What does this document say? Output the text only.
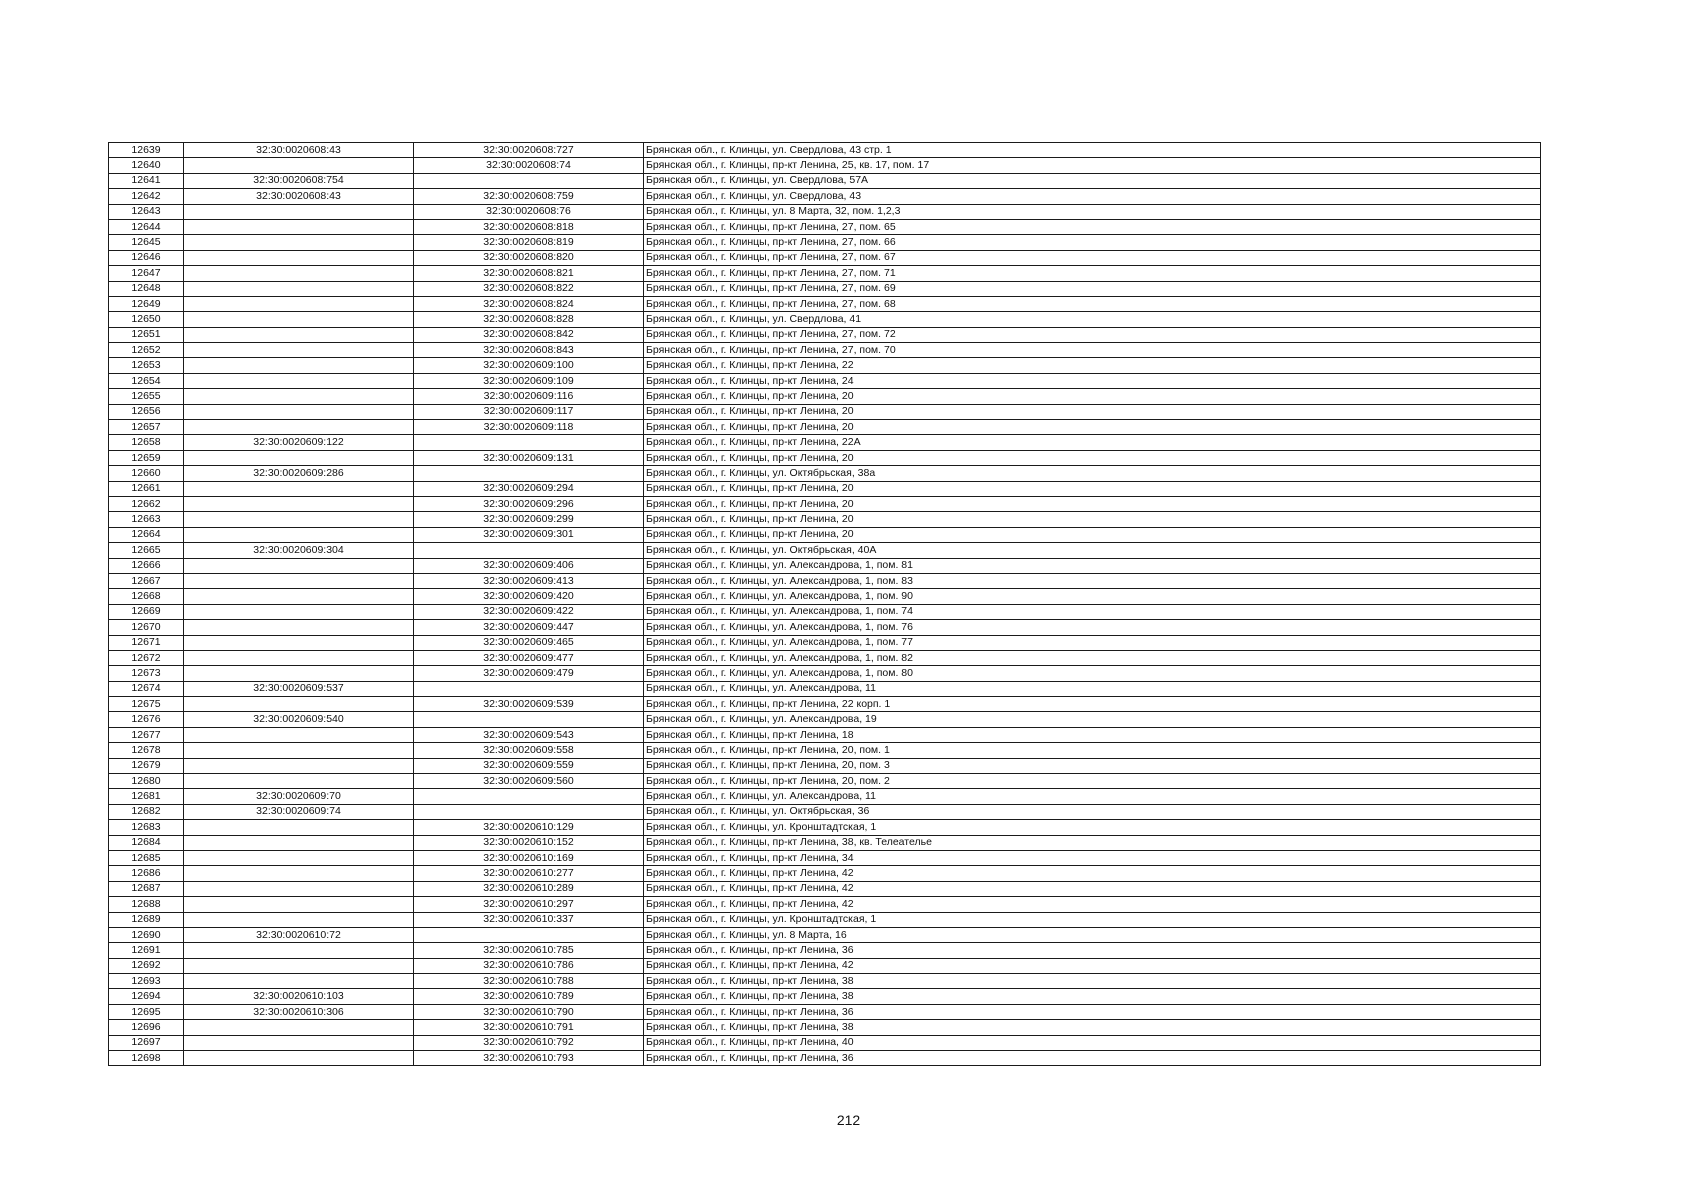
12639	32:30:0020608:43	32:30:0020608:727	Брянская обл., г. Клинцы, ул. Свердлова, 43 стр. 1
12640		32:30:0020608:74	Брянская обл., г. Клинцы, пр-кт Ленина, 25, кв. 17, пом. 17
12641	32:30:0020608:754		Брянская обл., г. Клинцы, ул. Свердлова, 57А
12642	32:30:0020608:43	32:30:0020608:759	Брянская обл., г. Клинцы, ул. Свердлова, 43
12643		32:30:0020608:76	Брянская обл., г. Клинцы, ул. 8 Марта, 32, пом. 1,2,3
12644		32:30:0020608:818	Брянская обл., г. Клинцы, пр-кт Ленина, 27, пом. 65
12645		32:30:0020608:819	Брянская обл., г. Клинцы, пр-кт Ленина, 27, пом. 66
12646		32:30:0020608:820	Брянская обл., г. Клинцы, пр-кт Ленина, 27, пом. 67
12647		32:30:0020608:821	Брянская обл., г. Клинцы, пр-кт Ленина, 27, пом. 71
12648		32:30:0020608:822	Брянская обл., г. Клинцы, пр-кт Ленина, 27, пом. 69
12649		32:30:0020608:824	Брянская обл., г. Клинцы, пр-кт Ленина, 27, пом. 68
12650		32:30:0020608:828	Брянская обл., г. Клинцы, ул. Свердлова, 41
12651		32:30:0020608:842	Брянская обл., г. Клинцы, пр-кт Ленина, 27, пом. 72
12652		32:30:0020608:843	Брянская обл., г. Клинцы, пр-кт Ленина, 27, пом. 70
12653		32:30:0020609:100	Брянская обл., г. Клинцы, пр-кт Ленина, 22
12654		32:30:0020609:109	Брянская обл., г. Клинцы, пр-кт Ленина, 24
12655		32:30:0020609:116	Брянская обл., г. Клинцы, пр-кт Ленина, 20
12656		32:30:0020609:117	Брянская обл., г. Клинцы, пр-кт Ленина, 20
12657		32:30:0020609:118	Брянская обл., г. Клинцы, пр-кт Ленина, 20
12658	32:30:0020609:122		Брянская обл., г. Клинцы, пр-кт Ленина, 22А
12659		32:30:0020609:131	Брянская обл., г. Клинцы, пр-кт Ленина, 20
12660	32:30:0020609:286		Брянская обл., г. Клинцы, ул. Октябрьская, 38а
12661		32:30:0020609:294	Брянская обл., г. Клинцы, пр-кт Ленина, 20
12662		32:30:0020609:296	Брянская обл., г. Клинцы, пр-кт Ленина, 20
12663		32:30:0020609:299	Брянская обл., г. Клинцы, пр-кт Ленина, 20
12664		32:30:0020609:301	Брянская обл., г. Клинцы, пр-кт Ленина, 20
12665	32:30:0020609:304		Брянская обл., г. Клинцы, ул. Октябрьская, 40А
12666		32:30:0020609:406	Брянская обл., г. Клинцы, ул. Александрова, 1, пом. 81
12667		32:30:0020609:413	Брянская обл., г. Клинцы, ул. Александрова, 1, пом. 83
12668		32:30:0020609:420	Брянская обл., г. Клинцы, ул. Александрова, 1, пом. 90
12669		32:30:0020609:422	Брянская обл., г. Клинцы, ул. Александрова, 1, пом. 74
12670		32:30:0020609:447	Брянская обл., г. Клинцы, ул. Александрова, 1, пом. 76
12671		32:30:0020609:465	Брянская обл., г. Клинцы, ул. Александрова, 1, пом. 77
12672		32:30:0020609:477	Брянская обл., г. Клинцы, ул. Александрова, 1, пом. 82
12673		32:30:0020609:479	Брянская обл., г. Клинцы, ул. Александрова, 1, пом. 80
12674	32:30:0020609:537		Брянская обл., г. Клинцы, ул. Александрова, 11
12675		32:30:0020609:539	Брянская обл., г. Клинцы, пр-кт Ленина, 22 корп. 1
12676	32:30:0020609:540		Брянская обл., г. Клинцы, ул. Александрова, 19
12677		32:30:0020609:543	Брянская обл., г. Клинцы, пр-кт Ленина, 18
12678		32:30:0020609:558	Брянская обл., г. Клинцы, пр-кт Ленина, 20, пом. 1
12679		32:30:0020609:559	Брянская обл., г. Клинцы, пр-кт Ленина, 20, пом. 3
12680		32:30:0020609:560	Брянская обл., г. Клинцы, пр-кт Ленина, 20, пом. 2
12681	32:30:0020609:70		Брянская обл., г. Клинцы, ул. Александрова, 11
12682	32:30:0020609:74		Брянская обл., г. Клинцы, ул. Октябрьская, 36
12683		32:30:0020610:129	Брянская обл., г. Клинцы, ул. Кронштадтская, 1
12684		32:30:0020610:152	Брянская обл., г. Клинцы, пр-кт Ленина, 38, кв. Телеателье
12685		32:30:0020610:169	Брянская обл., г. Клинцы, пр-кт Ленина, 34
12686		32:30:0020610:277	Брянская обл., г. Клинцы, пр-кт Ленина, 42
12687		32:30:0020610:289	Брянская обл., г. Клинцы, пр-кт Ленина, 42
12688		32:30:0020610:297	Брянская обл., г. Клинцы, пр-кт Ленина, 42
12689		32:30:0020610:337	Брянская обл., г. Клинцы, ул. Кронштадтская, 1
12690	32:30:0020610:72		Брянская обл., г. Клинцы, ул. 8 Марта, 16
12691		32:30:0020610:785	Брянская обл., г. Клинцы, пр-кт Ленина, 36
12692		32:30:0020610:786	Брянская обл., г. Клинцы, пр-кт Ленина, 42
12693		32:30:0020610:788	Брянская обл., г. Клинцы, пр-кт Ленина, 38
12694	32:30:0020610:103	32:30:0020610:789	Брянская обл., г. Клинцы, пр-кт Ленина, 38
12695	32:30:0020610:306	32:30:0020610:790	Брянская обл., г. Клинцы, пр-кт Ленина, 36
12696		32:30:0020610:791	Брянская обл., г. Клинцы, пр-кт Ленина, 38
12697		32:30:0020610:792	Брянская обл., г. Клинцы, пр-кт Ленина, 40
12698		32:30:0020610:793	Брянская обл., г. Клинцы, пр-кт Ленина, 36
212
